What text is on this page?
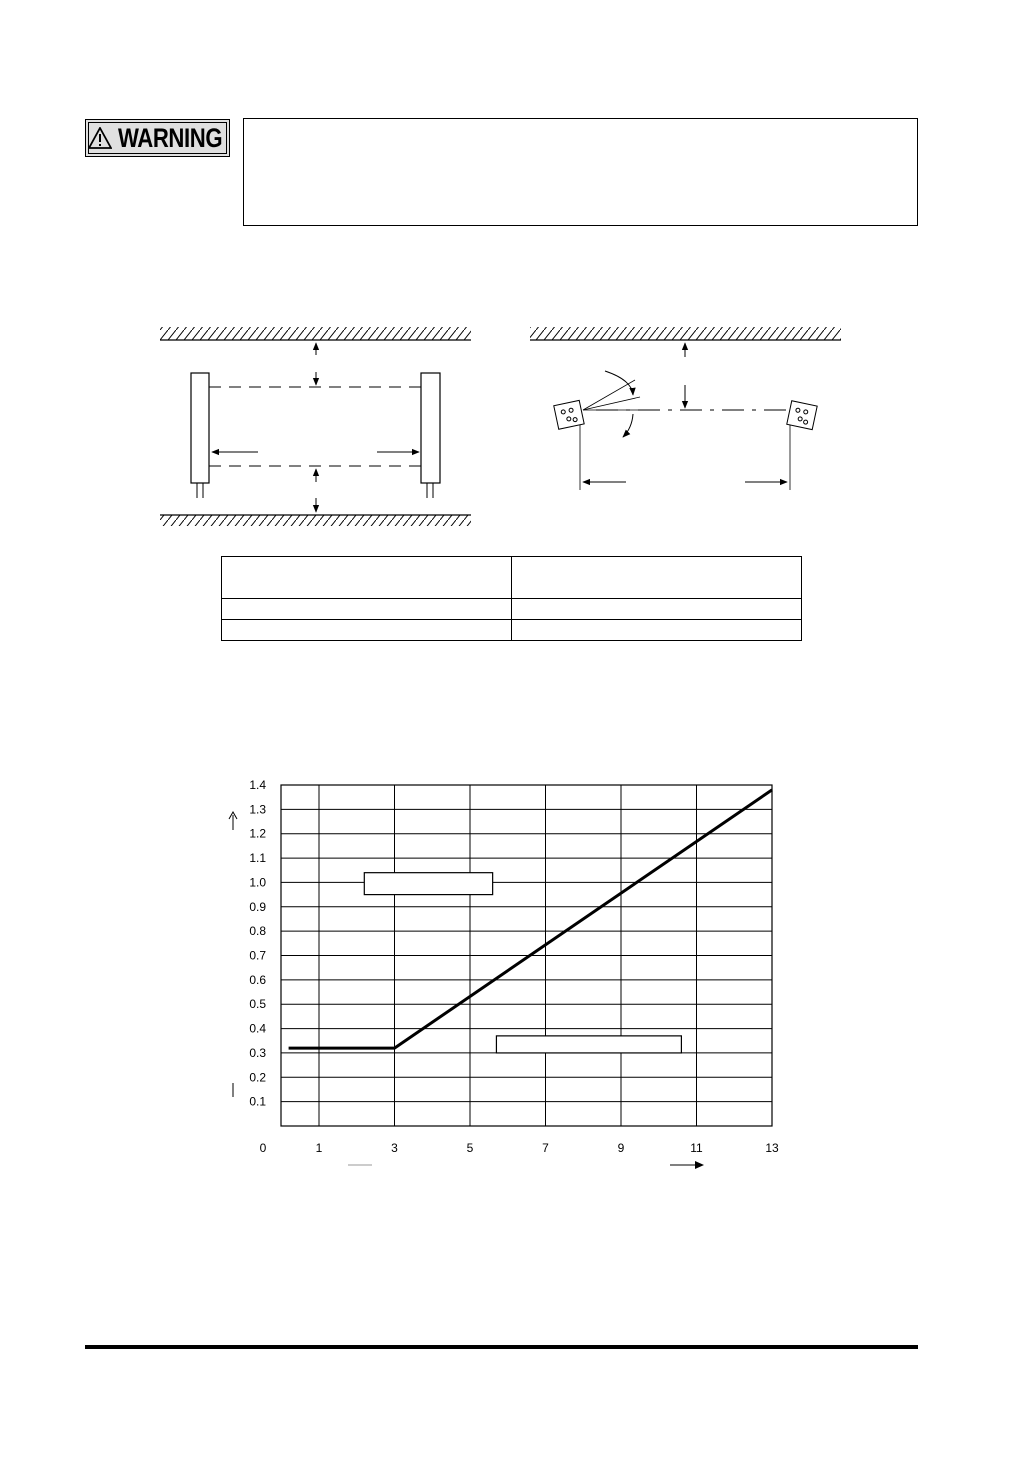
WARNING

0.1
0.2
0.3
0.4
0.5
0.6
0.7
0.8
0.9
1.0
1.1
1.2
1.3
1.4
0	1	3	5	7	9	11	13
